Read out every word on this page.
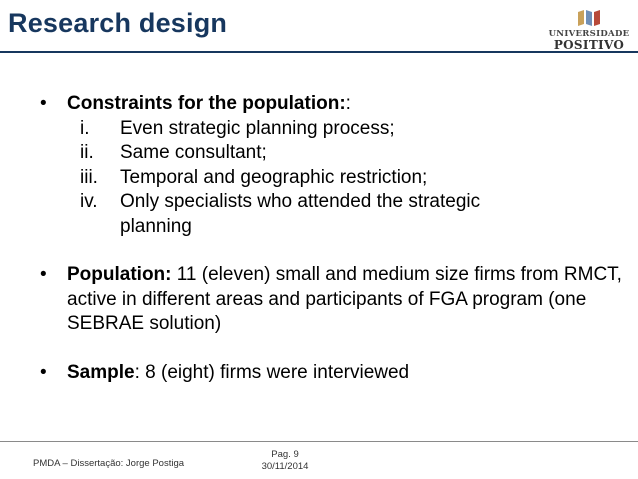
Research design	UNIVERSIDADE
POSITIVO
• Constraints for the population::
i. Even strategic planning process;
ii. Same consultant;
iii. Temporal and geographic restriction;
iv. Only specialists who attended the strategic planning
• Population: 11 (eleven) small and medium size firms from RMCT, active in different areas and participants of FGA program (one SEBRAE solution)
• Sample: 8 (eight) firms were interviewed
PMDA – Dissertação: Jorge Postiga
Pag. 9
30/11/2014
